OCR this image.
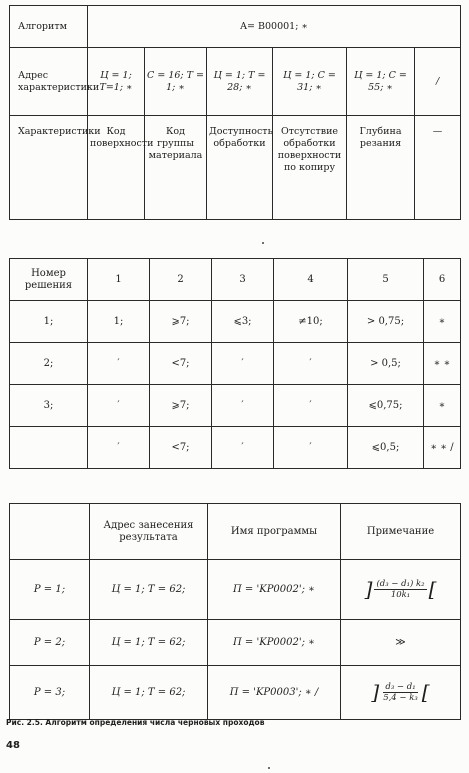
Алгоритм	A= B00001; ∗					
Адрес характеристики	Ц = 1; T=1; ∗	C = 16; T = 1; ∗	Ц = 1; T = 28; ∗	Ц = 1; C = 31; ∗	Ц = 1; C = 55; ∗	/
Характеристики	Код поверхности	Код группы материала	Доступность обработки	Отсутствие обработки поверхности по копиру	Глубина резания	—
Номер решения	1	2	3	4	5	6
1;	1;	⩾7;	⩽3;	≠10;	> 0,75;	∗
2;	′	<7;	′	′	> 0,5;	∗ ∗
3;	′	⩾7;	′	′	⩽0,75;	∗
	′	<7;	′	′	⩽0,5;	∗ ∗ /
	Адрес занесения результата	Имя программы	Примечание
P = 1;	Ц = 1; T = 62;	П = 'KP0002'; ∗	] $\frac{\text{(d₃ − d₁) k₂}}{\text{10k₁}}$ [

P = 2;	Ц = 1; T = 62;	П = 'KP0002'; ∗	≫
P = 3;	Ц = 1; T = 62;	П = 'KP0003'; ∗ /	] $\frac{\text{d₃ − d₁}}{\text{5,4 − k₃}}$ [
Рис. 2.5. Алгоритм определения числа черновых проходов
48
